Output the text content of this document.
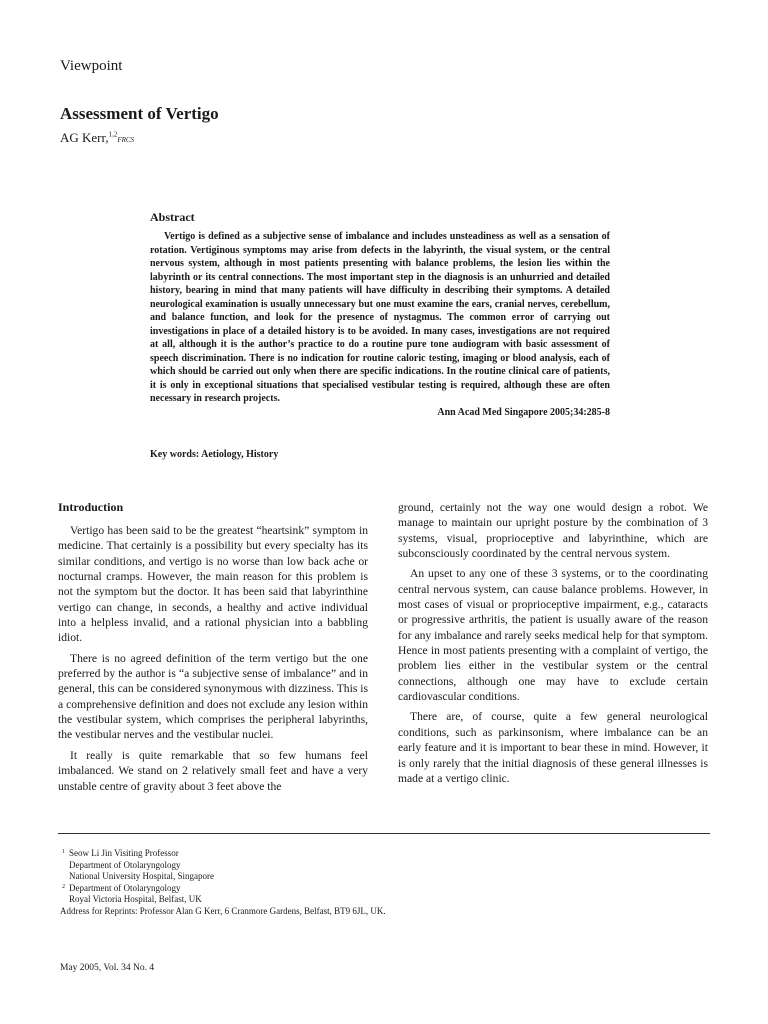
Viewpoint
Assessment of Vertigo
AG Kerr,$^{1,2}$FRCS
Abstract

Vertigo is defined as a subjective sense of imbalance and includes unsteadiness as well as a sensation of rotation. Vertiginous symptoms may arise from defects in the labyrinth, the visual system, or the central nervous system, although in most patients presenting with balance problems, the lesion lies within the labyrinth or its central connections. The most important step in the diagnosis is an unhurried and detailed history, bearing in mind that many patients will have difficulty in describing their symptoms. A detailed neurological examination is usually unnecessary but one must examine the ears, cranial nerves, cerebellum, and balance function, and look for the presence of nystagmus. The common error of carrying out investigations in place of a detailed history is to be avoided. In many cases, investigations are not required at all, although it is the author’s practice to do a routine pure tone audiogram with basic assessment of speech discrimination. There is no indication for routine caloric testing, imaging or blood analysis, each of which should be carried out only when there are specific indications. In the routine clinical care of patients, it is only in exceptional situations that specialised vestibular testing is required, although these are often necessary in research projects.

Ann Acad Med Singapore 2005;34:285-8
Key words: Aetiology, History
Introduction

Vertigo has been said to be the greatest “heartsink” symptom in medicine. That certainly is a possibility but every specialty has its similar conditions, and vertigo is no worse than low back ache or nocturnal cramps. However, the main reason for this problem is not the symptom but the doctor. It has been said that labyrinthine vertigo can change, in seconds, a healthy and active individual into a helpless invalid, and a rational physician into a babbling idiot.

There is no agreed definition of the term vertigo but the one preferred by the author is “a subjective sense of imbalance” and in general, this can be considered synonymous with dizziness. This is a comprehensive definition and does not exclude any lesion within the vestibular system, which comprises the peripheral labyrinths, the vestibular nerves and the vestibular nuclei.

It really is quite remarkable that so few humans feel imbalanced. We stand on 2 relatively small feet and have a very unstable centre of gravity about 3 feet above the

ground, certainly not the way one would design a robot. We manage to maintain our upright posture by the combination of 3 systems, visual, proprioceptive and labyrinthine, which are subconsciously coordinated by the central nervous system.

An upset to any one of these 3 systems, or to the coordinating central nervous system, can cause balance problems. However, in most cases of visual or proprioceptive impairment, e.g., cataracts or progressive arthritis, the patient is usually aware of the reason for any imbalance and rarely seeks medical help for that symptom. Hence in most patients presenting with a complaint of vertigo, the problem lies either in the vestibular system or the central connections, although one may have to exclude certain cardiovascular conditions.

There are, of course, quite a few general neurological conditions, such as parkinsonism, where imbalance can be an early feature and it is important to bear these in mind. However, it is only rarely that the initial diagnosis of these general illnesses is made at a vertigo clinic.

1 Seow Li Jin Visiting Professor
Department of Otolaryngology
National University Hospital, Singapore
2 Department of Otolaryngology
Royal Victoria Hospital, Belfast, UK
Address for Reprints: Professor Alan G Kerr, 6 Cranmore Gardens, Belfast, BT9 6JL, UK.
May 2005, Vol. 34 No. 4
